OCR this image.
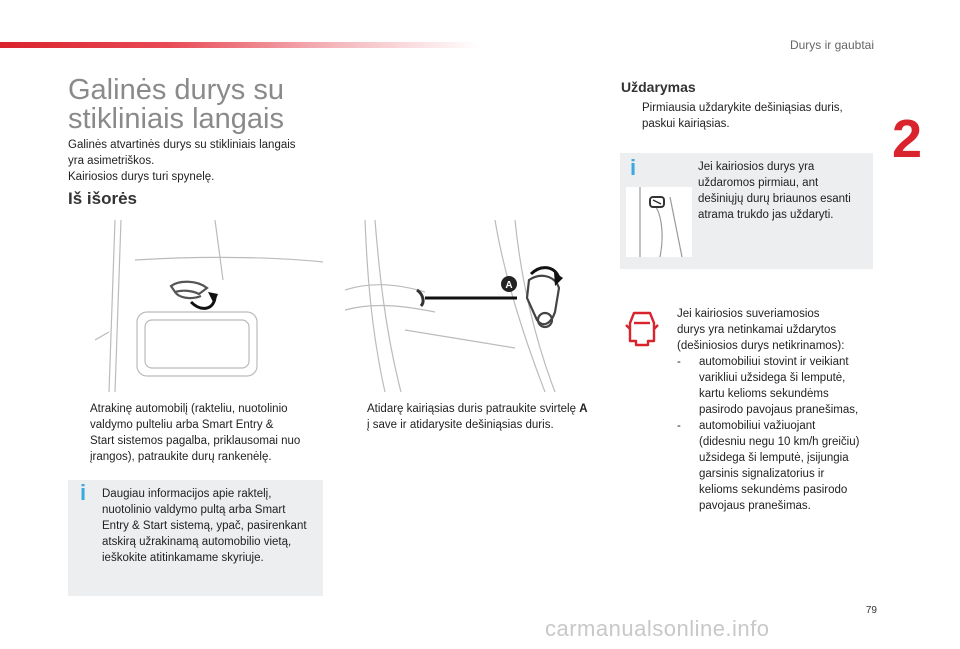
Durys ir gaubtai
2
Galinės durys su
stikliniais langais
Galinės atvartinės durys su stikliniais langais
yra asimetriškos.
Kairiosios durys turi spynelę.
Iš išorės
A
Atrakinę automobilį (rakteliu, nuotolinio
valdymo pulteliu arba Smart Entry &
Start sistemos pagalba, priklausomai nuo
įrangos), patraukite durų rankenėlę.
Atidarę kairiąsias duris patraukite svirtelę A
į save ir atidarysite dešiniąsias duris.
i Daugiau informacijos apie raktelį,
nuotolinio valdymo pultą arba Smart
Entry & Start sistemą, ypač, pasirenkant
atskirą užrakinamą automobilio vietą,
ieškokite atitinkamame skyriuje.
Uždarymas
Pirmiausia uždarykite dešiniąsias duris,
paskui kairiąsias.
i	Jei kairiosios durys yra
uždaromos pirmiau, ant
dešiniųjų durų briaunos esanti
atrama trukdo jas uždaryti.
Jei kairiosios suveriamosios
durys yra netinkamai uždarytos
(dešiniosios durys netikrinamos):
- automobiliui stovint ir veikiant
varikliui užsidega ši lemputė,
kartu kelioms sekundėms
pasirodo pavojaus pranešimas,
- automobiliui važiuojant
(didesniu negu 10 km/h greičiu)
užsidega ši lemputė, įsijungia
garsinis signalizatorius ir
kelioms sekundėms pasirodo
pavojaus pranešimas.
79
carmanualsonline.info
